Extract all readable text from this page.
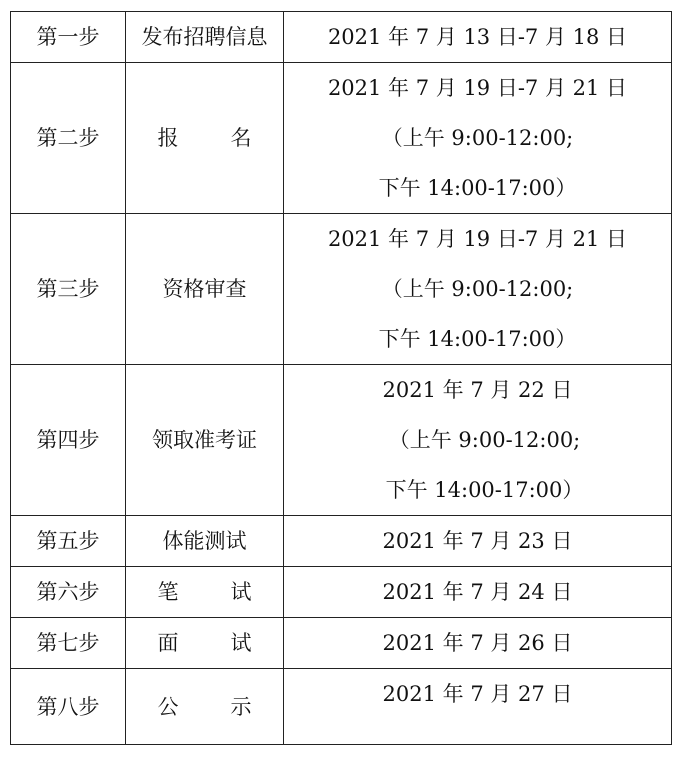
第一步	发布招聘信息	2021 年 7 月 13 日-7 月 18 日

第二步	报 名	2021 年 7 月 19 日-7 月 21 日
（上午 9:00-12:00;
下午 14:00-17:00）

第三步	资格审查	2021 年 7 月 19 日-7 月 21 日
（上午 9:00-12:00;
下午 14:00-17:00）

第四步	领取准考证	2021 年 7 月 22 日
（上午 9:00-12:00;
下午 14:00-17:00）

第五步	体能测试	2021 年 7 月 23 日

第六步	笔 试	2021 年 7 月 24 日

第七步	面 试	2021 年 7 月 26 日

第八步	公 示	2021 年 7 月 27 日
